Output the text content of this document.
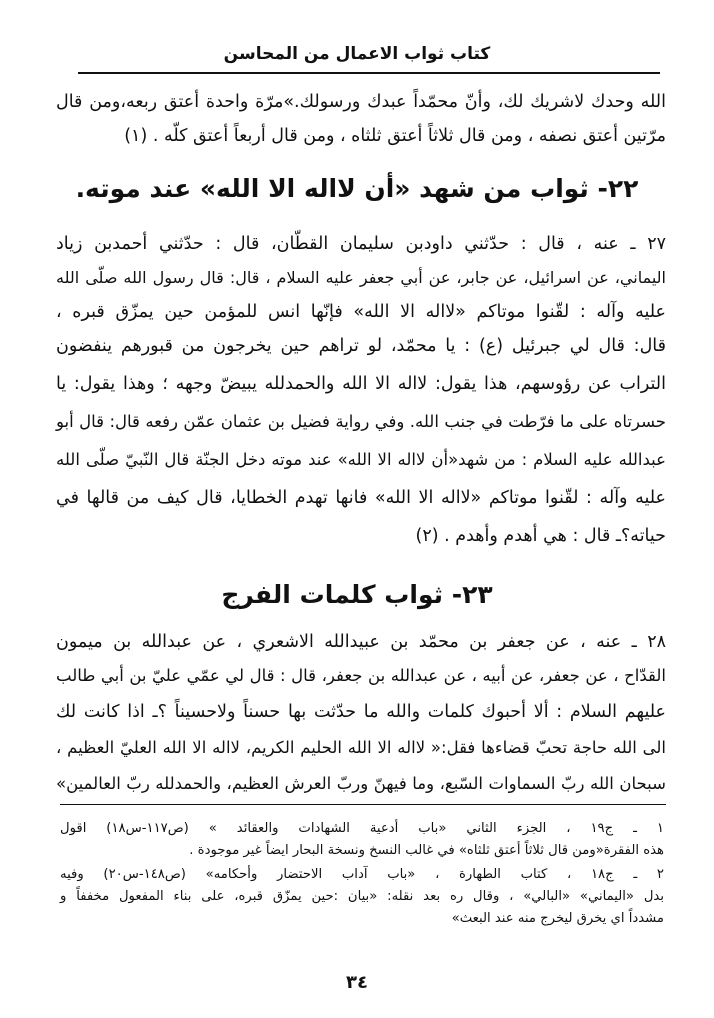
كتاب ثواب الاعمال من المحاسن
الله وحدك لاشريك لك، وأنّ محمّداً عبدك ورسولك.»مرّة واحدة أعتق ربعه،ومن قال
مرّتين أعتق نصفه ، ومن قال ثلاثاً أعتق ثلثاه ، ومن قال أربعاً أعتق كلّه . (١)
٢٢- ثواب من شهد «أن لااله الا الله» عند موته.
٢٧ ـ عنه ، قال : حدّثني داودبن سليمان القطّان، قال : حدّثني أحمدبن زياد
اليماني، عن اسرائيل، عن جابر، عن أبي جعفر عليه السلام ، قال: قال رسول الله صلّى الله
عليه وآله : لقّنوا موتاكم «لااله الا الله» فإنّها انس للمؤمن حين يمزّق قبره ،
قال: قال لي جبرئيل (ع) : يا محمّد، لو تراهم حين يخرجون من قبورهم ينفضون
التراب عن رؤوسهم، هذا يقول: لااله الا الله والحمدلله يبيضّ وجهه ؛ وهذا يقول: يا
حسرتاه على ما فرّطت في جنب الله. وفي رواية فضيل بن عثمان عمّن رفعه قال: قال أبو
عبدالله عليه السلام : من شهد«أن لااله الا الله» عند موته دخل الجنّة قال النّبيّ صلّى الله
عليه وآله : لقّنوا موتاكم «لااله الا الله» فانها تهدم الخطايا، قال كيف من قالها في
حياته؟ـ قال : هي أهدم وأهدم . (٢)
٢٣- ثواب كلمات الفرج
٢٨ ـ عنه ، عن جعفر بن محمّد بن عبيدالله الاشعري ، عن عبدالله بن ميمون
القدّاح ، عن جعفر، عن أبيه ، عن عبدالله بن جعفر، قال : قال لي عمّي عليّ بن أبي طالب
عليهم السلام : ألا أحبوك كلمات والله ما حدّثت بها حسناً ولاحسيناً ؟ـ اذا كانت لك
الى الله حاجة تحبّ قضاءها فقل:« لااله الا الله الحليم الكريم، لااله الا الله العليّ العظيم ،
سبحان الله ربّ السماوات السّبع، وما فيهنّ وربّ العرش العظيم، والحمدلله ربّ العالمين»
١ ـ ج١٩ ، الجزء الثاني «باب أدعية الشهادات والعقائد » (ص١١٧-س١٨) اقول
هذه الفقرة«ومن قال ثلاثاً أعتق ثلثاه» في غالب النسخ ونسخة البحار ايضاً غير موجودة .
٢ ـ ج١٨ ، كتاب الطهارة ، «باب آداب الاحتضار وأحكامه» (ص١٤٨-س٢٠) وفيه
بدل «اليماني» «البالي» ، وقال ره بعد نقله: «بيان :حين يمزّق قبره، على بناء المفعول مخففاً و
مشدداً اي يخرق ليخرج منه عند البعث»
٣٤
